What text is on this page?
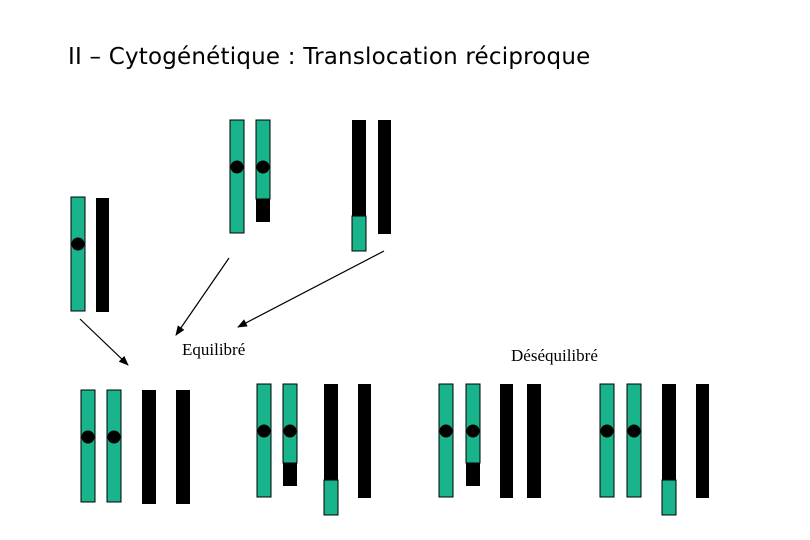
II – Cytogénétique : Translocation réciproque
Equilibré	Déséquilibré
